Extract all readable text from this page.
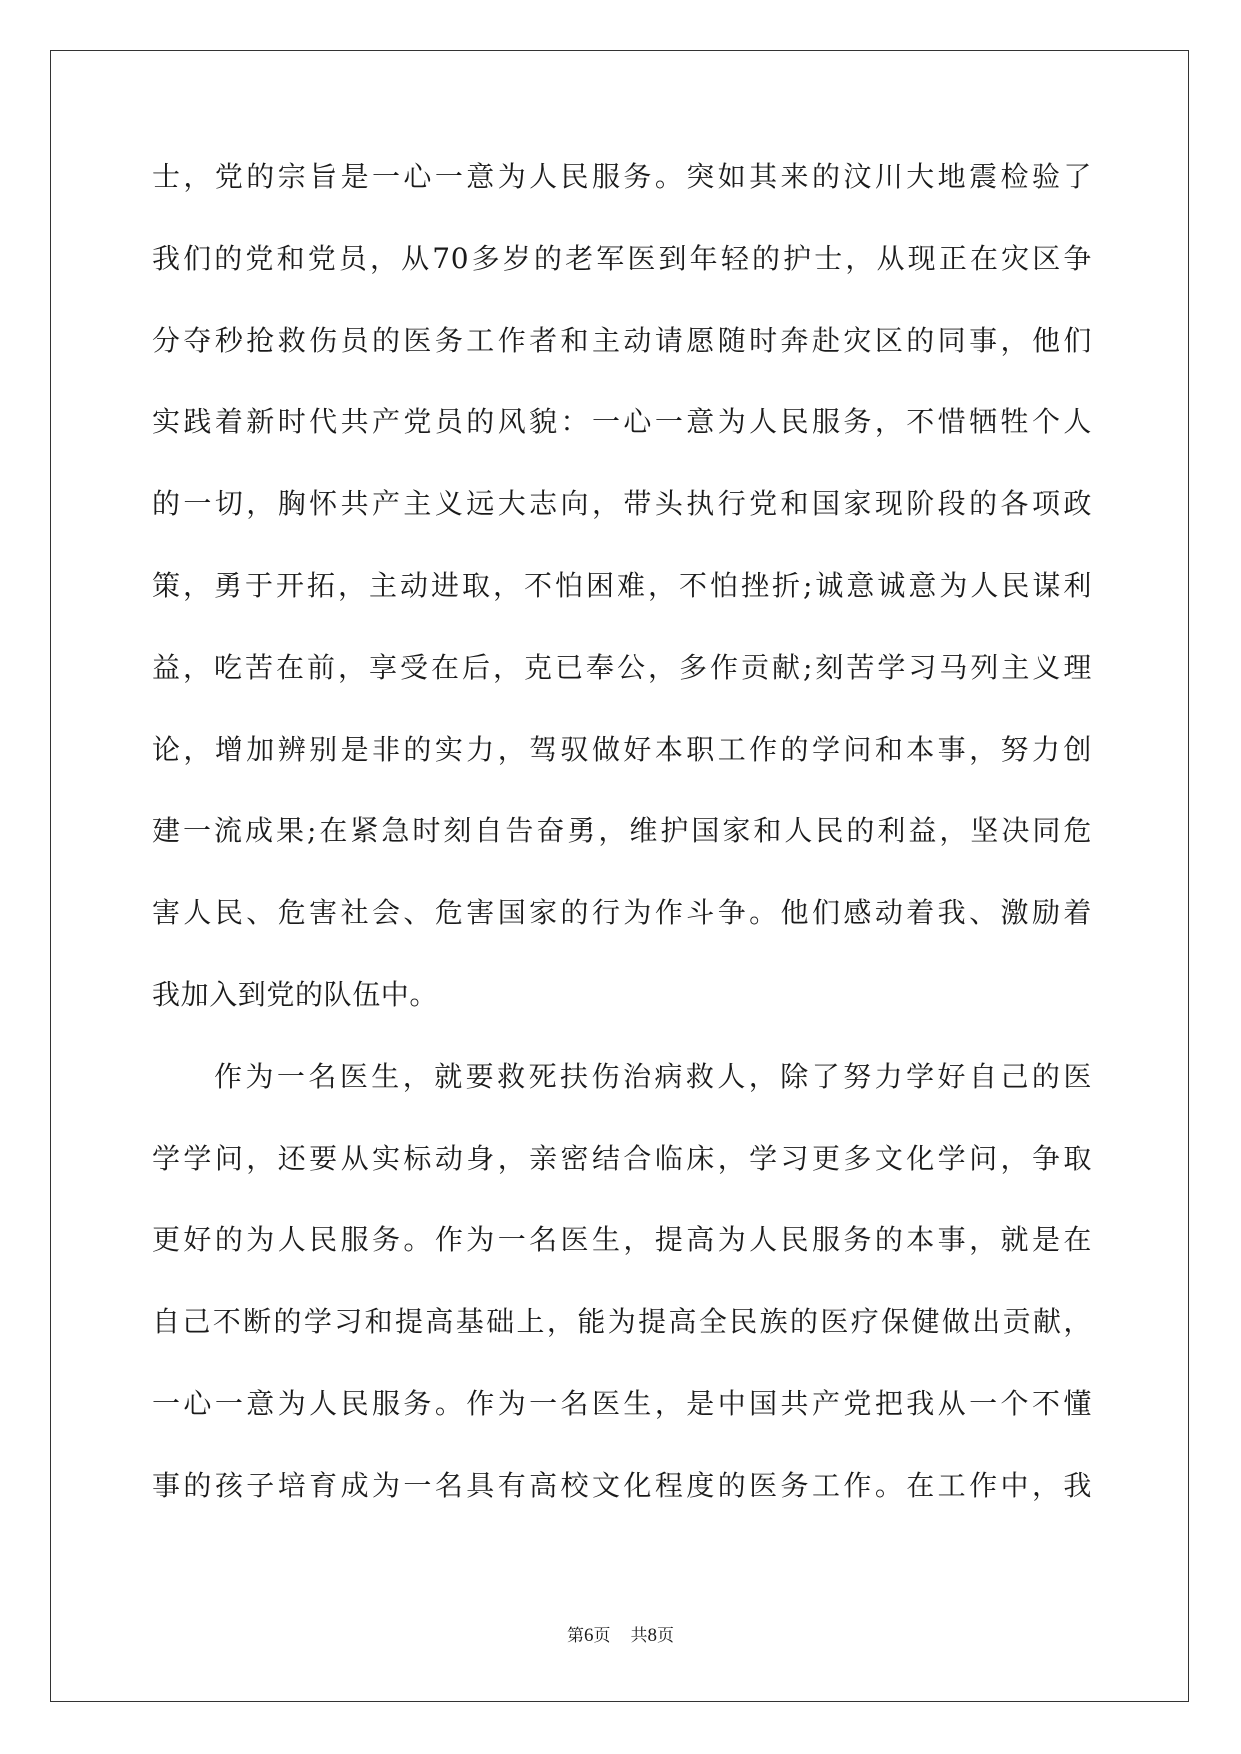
士，党的宗旨是一心一意为人民服务。突如其来的汶川大地震检验了
我们的党和党员，从70多岁的老军医到年轻的护士，从现正在灾区争
分夺秒抢救伤员的医务工作者和主动请愿随时奔赴灾区的同事，他们
实践着新时代共产党员的风貌：一心一意为人民服务，不惜牺牲个人
的一切，胸怀共产主义远大志向，带头执行党和国家现阶段的各项政
策，勇于开拓，主动进取，不怕困难，不怕挫折;诚意诚意为人民谋利
益，吃苦在前，享受在后，克已奉公，多作贡献;刻苦学习马列主义理
论，增加辨别是非的实力，驾驭做好本职工作的学问和本事，努力创
建一流成果;在紧急时刻自告奋勇，维护国家和人民的利益，坚决同危
害人民、危害社会、危害国家的行为作斗争。他们感动着我、激励着
我加入到党的队伍中。
作为一名医生，就要救死扶伤治病救人，除了努力学好自己的医
学学问，还要从实标动身，亲密结合临床，学习更多文化学问，争取
更好的为人民服务。作为一名医生，提高为人民服务的本事，就是在
自己不断的学习和提高基础上，能为提高全民族的医疗保健做出贡献，
一心一意为人民服务。作为一名医生，是中国共产党把我从一个不懂
事的孩子培育成为一名具有高校文化程度的医务工作。在工作中，我
第6页 共8页
